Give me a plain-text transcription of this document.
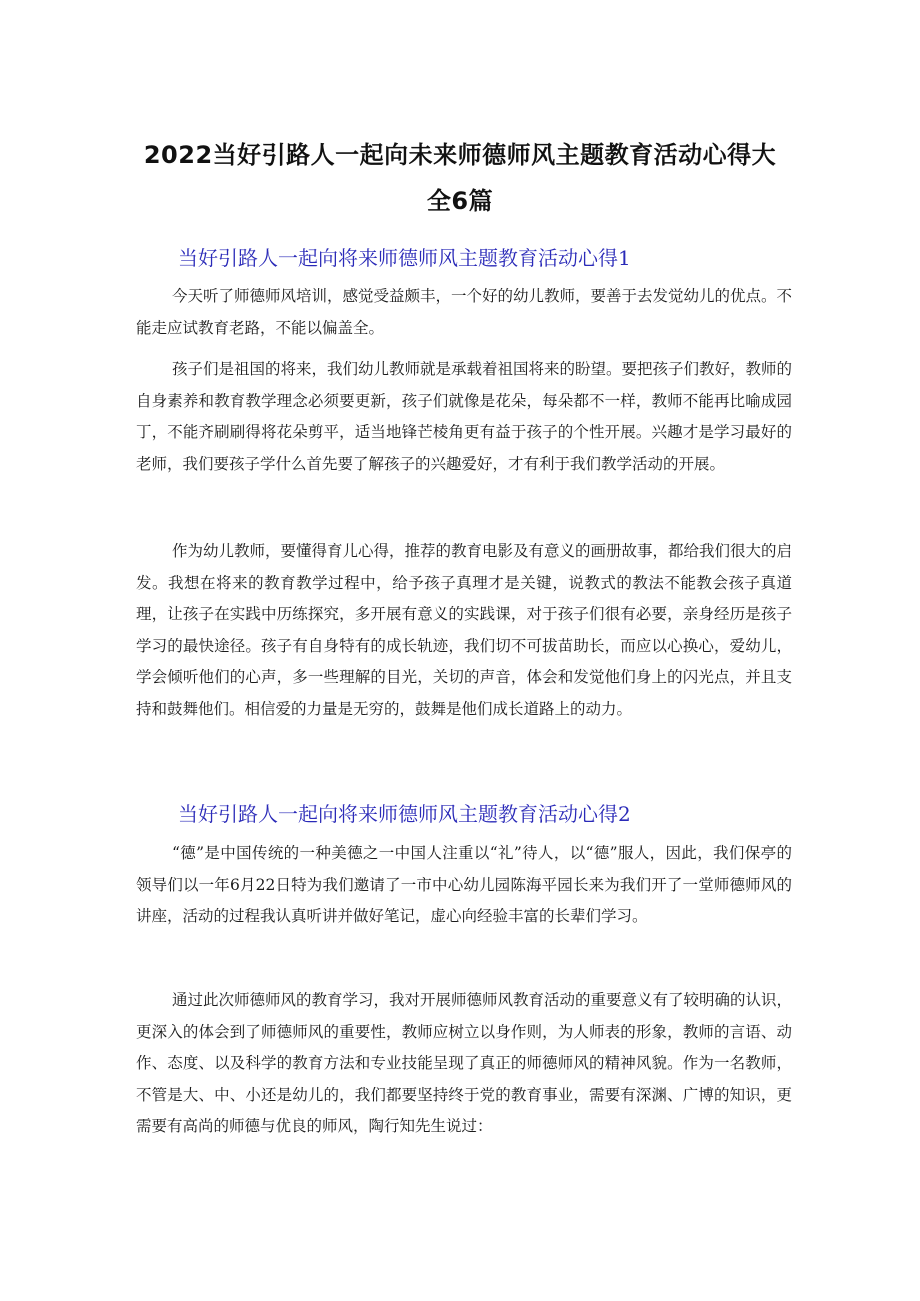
2022当好引路人一起向未来师德师风主题教育活动心得大
全6篇
当好引路人一起向将来师德师风主题教育活动心得1

今天听了师德师风培训，感觉受益颇丰，一个好的幼儿教师，要善于去发觉幼儿的优点。不能走应试教育老路，不能以偏盖全。

孩子们是祖国的将来，我们幼儿教师就是承载着祖国将来的盼望。要把孩子们教好，教师的自身素养和教育教学理念必须要更新，孩子们就像是花朵，每朵都不一样，教师不能再比喻成园丁，不能齐刷刷得将花朵剪平，适当地锋芒棱角更有益于孩子的个性开展。兴趣才是学习最好的老师，我们要孩子学什么首先要了解孩子的兴趣爱好，才有利于我们教学活动的开展。

作为幼儿教师，要懂得育儿心得，推荐的教育电影及有意义的画册故事，都给我们很大的启发。我想在将来的教育教学过程中，给予孩子真理才是关键，说教式的教法不能教会孩子真道理，让孩子在实践中历练探究，多开展有意义的实践课，对于孩子们很有必要，亲身经历是孩子学习的最快途径。孩子有自身特有的成长轨迹，我们切不可拔苗助长，而应以心换心，爱幼儿，学会倾听他们的心声，多一些理解的目光，关切的声音，体会和发觉他们身上的闪光点，并且支持和鼓舞他们。相信爱的力量是无穷的，鼓舞是他们成长道路上的动力。

当好引路人一起向将来师德师风主题教育活动心得2

“德”是中国传统的一种美德之一中国人注重以“礼”待人，以“德”服人，因此，我们保亭的领导们以一年6月22日特为我们邀请了一市中心幼儿园陈海平园长来为我们开了一堂师德师风的讲座，活动的过程我认真听讲并做好笔记，虚心向经验丰富的长辈们学习。

通过此次师德师风的教育学习，我对开展师德师风教育活动的重要意义有了较明确的认识，更深入的体会到了师德师风的重要性，教师应树立以身作则，为人师表的形象，教师的言语、动作、态度、以及科学的教育方法和专业技能呈现了真正的师德师风的精神风貌。作为一名教师，不管是大、中、小还是幼儿的，我们都要坚持终于党的教育事业，需要有深渊、广博的知识，更需要有高尚的师德与优良的师风，陶行知先生说过：
